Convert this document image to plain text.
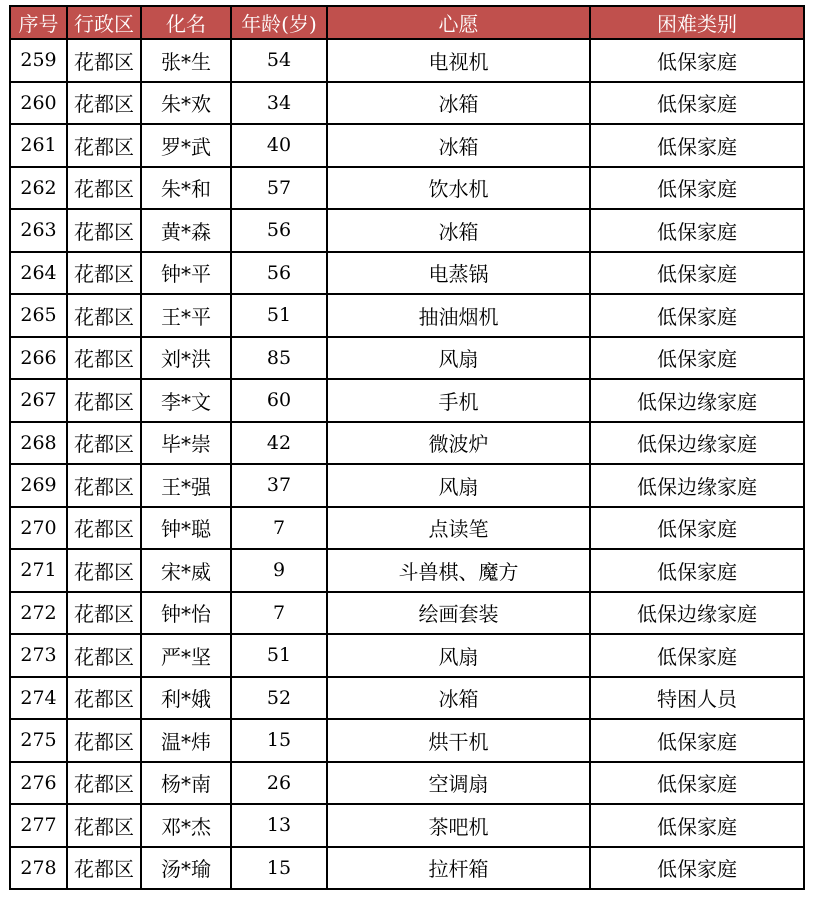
序号	行政区	化名	年龄(岁)	心愿	困难类别
259	花都区	张*生	54	电视机	低保家庭
260	花都区	朱*欢	34	冰箱	低保家庭
261	花都区	罗*武	40	冰箱	低保家庭
262	花都区	朱*和	57	饮水机	低保家庭
263	花都区	黄*森	56	冰箱	低保家庭
264	花都区	钟*平	56	电蒸锅	低保家庭
265	花都区	王*平	51	抽油烟机	低保家庭
266	花都区	刘*洪	85	风扇	低保家庭
267	花都区	李*文	60	手机	低保边缘家庭
268	花都区	毕*崇	42	微波炉	低保边缘家庭
269	花都区	王*强	37	风扇	低保边缘家庭
270	花都区	钟*聪	7	点读笔	低保家庭
271	花都区	宋*威	9	斗兽棋、魔方	低保家庭
272	花都区	钟*怡	7	绘画套装	低保边缘家庭
273	花都区	严*坚	51	风扇	低保家庭
274	花都区	利*娥	52	冰箱	特困人员
275	花都区	温*炜	15	烘干机	低保家庭
276	花都区	杨*南	26	空调扇	低保家庭
277	花都区	邓*杰	13	茶吧机	低保家庭
278	花都区	汤*瑜	15	拉杆箱	低保家庭
